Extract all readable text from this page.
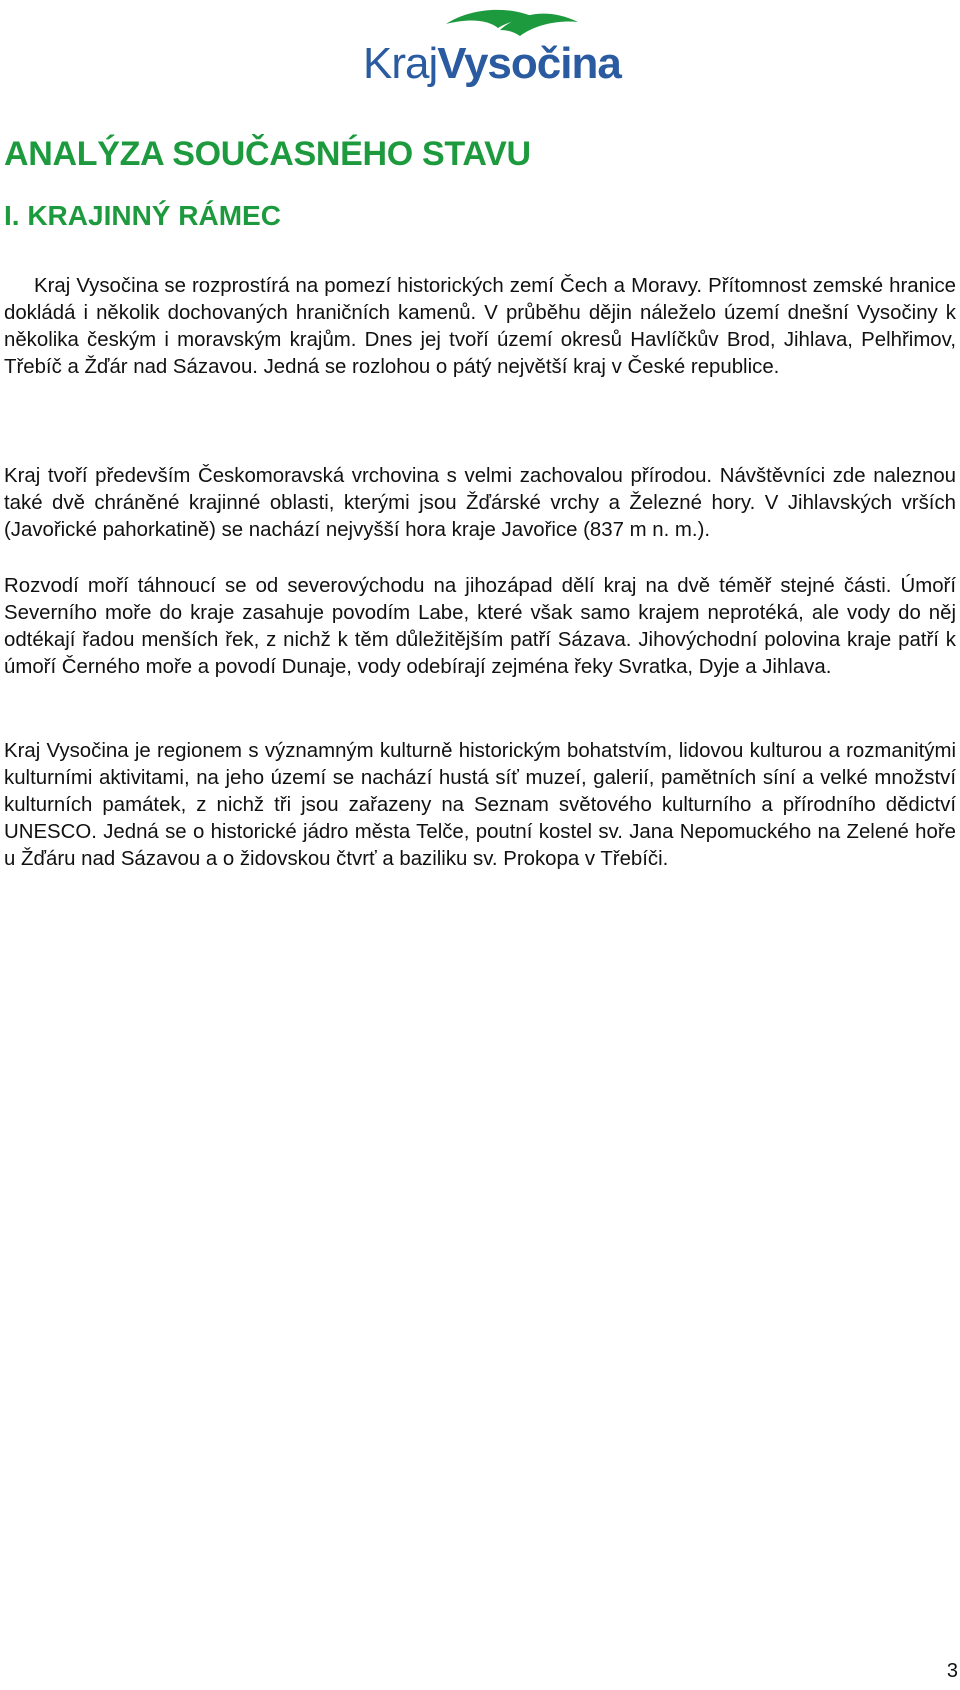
KrajVysočina
ANALÝZA SOUČASNÉHO STAVU
I. KRAJINNÝ RÁMEC

Kraj Vysočina se rozprostírá na pomezí historických zemí Čech a Moravy. Přítomnost zemské hranice dokládá i několik dochovaných hraničních kamenů. V průběhu dějin náleželo území dnešní Vysočiny k několika českým i moravským krajům. Dnes jej tvoří území okresů Havlíčkův Brod, Jihlava, Pelhřimov, Třebíč a Žďár nad Sázavou. Jedná se rozlohou o pátý největší kraj v České republice.

Kraj tvoří především Českomoravská vrchovina s velmi zachovalou přírodou. Návštěvníci zde naleznou také dvě chráněné krajinné oblasti, kterými jsou Žďárské vrchy a Železné hory. V Jihlavských vrších (Javořické pahorkatině) se nachází nejvyšší hora kraje Javořice (837 m n. m.).

Rozvodí moří táhnoucí se od severovýchodu na jihozápad dělí kraj na dvě téměř stejné části. Úmoří Severního moře do kraje zasahuje povodím Labe, které však samo krajem neprotéká, ale vody do něj odtékají řadou menších řek, z nichž k těm důležitějším patří Sázava. Jihovýchodní polovina kraje patří k úmoří Černého moře a povodí Dunaje, vody odebírají zejména řeky Svratka, Dyje a Jihlava.

Kraj Vysočina je regionem s významným kulturně historickým bohatstvím, lidovou kulturou a rozmanitými kulturními aktivitami, na jeho území se nachází hustá síť muzeí, galerií, pamětních síní a velké množství kulturních památek, z nichž tři jsou zařazeny na Seznam světového kulturního a přírodního dědictví UNESCO. Jedná se o historické jádro města Telče, poutní kostel sv. Jana Nepomuckého na Zelené hoře u Žďáru nad Sázavou a o židovskou čtvrť a baziliku sv. Prokopa v Třebíči.

3
